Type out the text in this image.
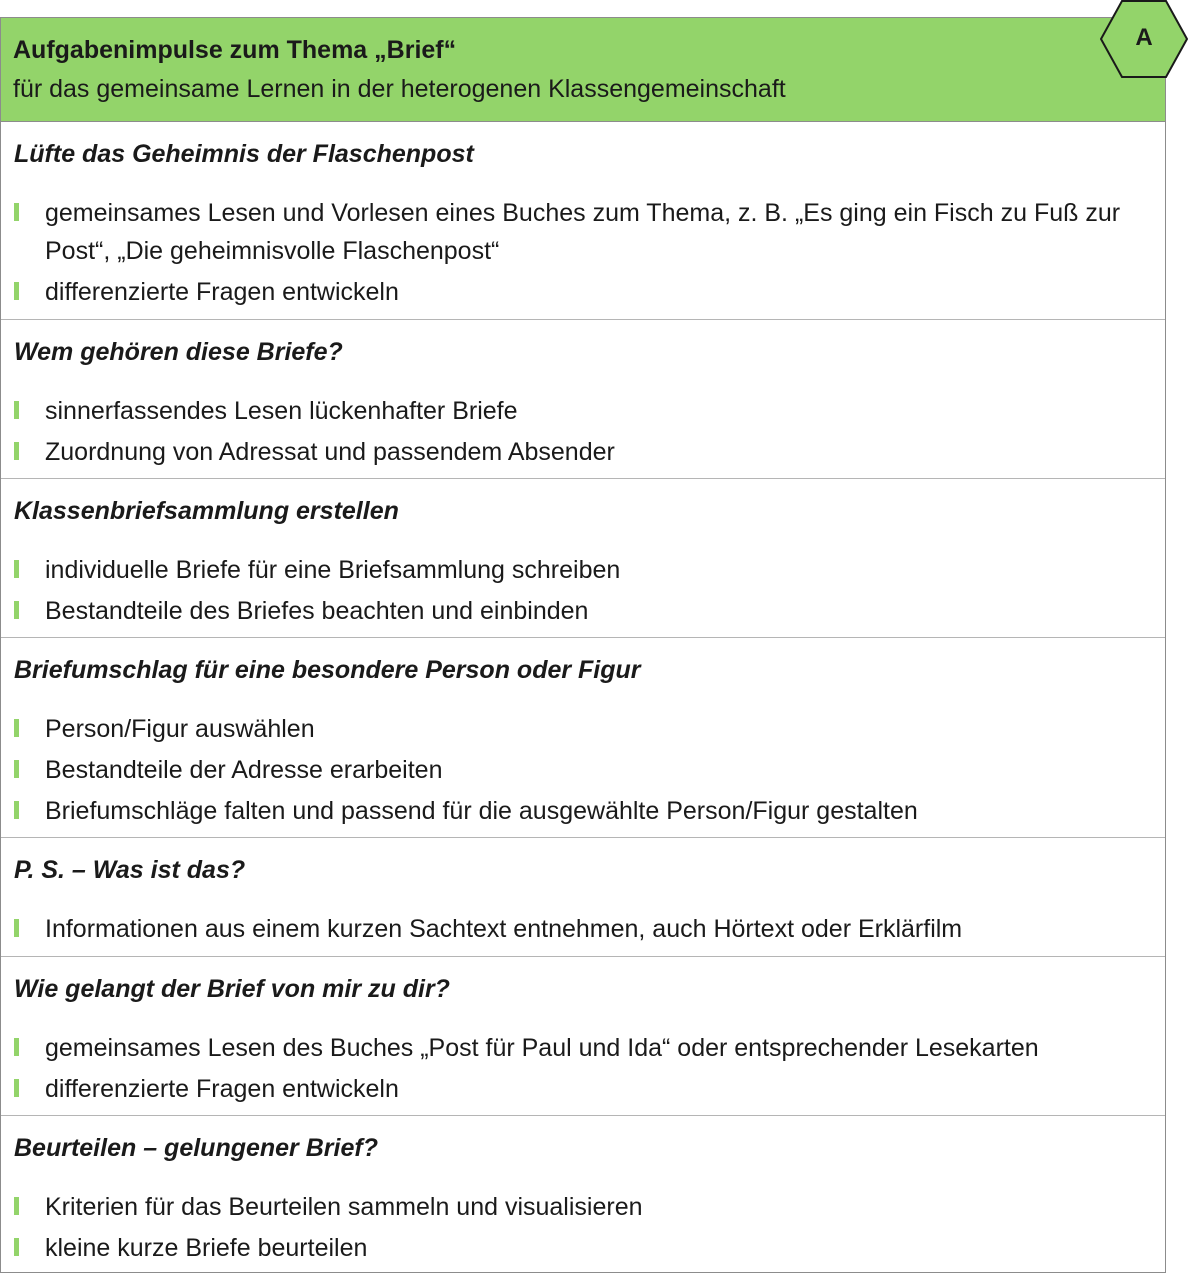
Aufgabenimpulse zum Thema „Brief“
für das gemeinsame Lernen in der heterogenen Klassengemeinschaft
Lüfte das Geheimnis der Flaschenpost
gemeinsames Lesen und Vorlesen eines Buches zum Thema, z. B. „Es ging ein Fisch zu Fuß zur Post“, „Die geheimnisvolle Flaschenpost“
differenzierte Fragen entwickeln
Wem gehören diese Briefe?
sinnerfassendes Lesen lückenhafter Briefe
Zuordnung von Adressat und passendem Absender
Klassenbriefsammlung erstellen
individuelle Briefe für eine Briefsammlung schreiben
Bestandteile des Briefes beachten und einbinden
Briefumschlag für eine besondere Person oder Figur
Person/Figur auswählen
Bestandteile der Adresse erarbeiten
Briefumschläge falten und passend für die ausgewählte Person/Figur gestalten
P. S. – Was ist das?
Informationen aus einem kurzen Sachtext entnehmen, auch Hörtext oder Erklärfilm
Wie gelangt der Brief von mir zu dir?
gemeinsames Lesen des Buches „Post für Paul und Ida“ oder entsprechender Lesekarten
differenzierte Fragen entwickeln
Beurteilen – gelungener Brief?
Kriterien für das Beurteilen sammeln und visualisieren
kleine kurze Briefe beurteilen
A
